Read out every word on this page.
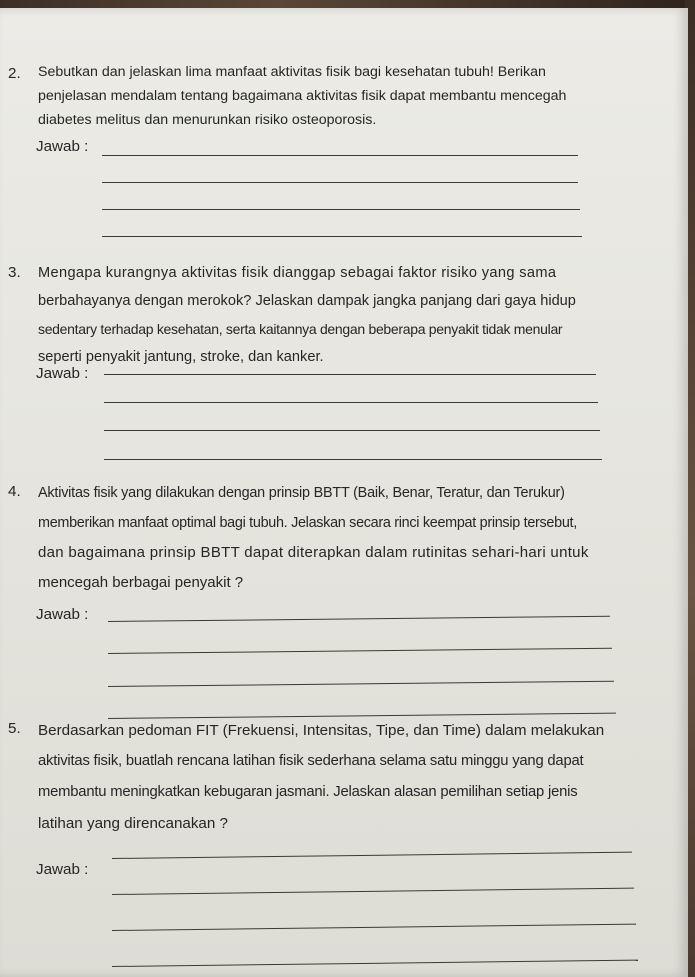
2. Sebutkan dan jelaskan lima manfaat aktivitas fisik bagi kesehatan tubuh! Berikan

penjelasan mendalam tentang bagaimana aktivitas fisik dapat membantu mencegah

diabetes melitus dan menurunkan risiko osteoporosis.

Jawab :
3. Mengapa kurangnya aktivitas fisik dianggap sebagai faktor risiko yang sama

berbahayanya dengan merokok? Jelaskan dampak jangka panjang dari gaya hidup

sedentary terhadap kesehatan, serta kaitannya dengan beberapa penyakit tidak menular

seperti penyakit jantung, stroke, dan kanker.

Jawab :
4. Aktivitas fisik yang dilakukan dengan prinsip BBTT (Baik, Benar, Teratur, dan Terukur)

memberikan manfaat optimal bagi tubuh. Jelaskan secara rinci keempat prinsip tersebut,

dan bagaimana prinsip BBTT dapat diterapkan dalam rutinitas sehari-hari untuk

mencegah berbagai penyakit ?

Jawab :
5. Berdasarkan pedoman FIT (Frekuensi, Intensitas, Tipe, dan Time) dalam melakukan

aktivitas fisik, buatlah rencana latihan fisik sederhana selama satu minggu yang dapat

membantu meningkatkan kebugaran jasmani. Jelaskan alasan pemilihan setiap jenis

latihan yang direncanakan ?

Jawab :
